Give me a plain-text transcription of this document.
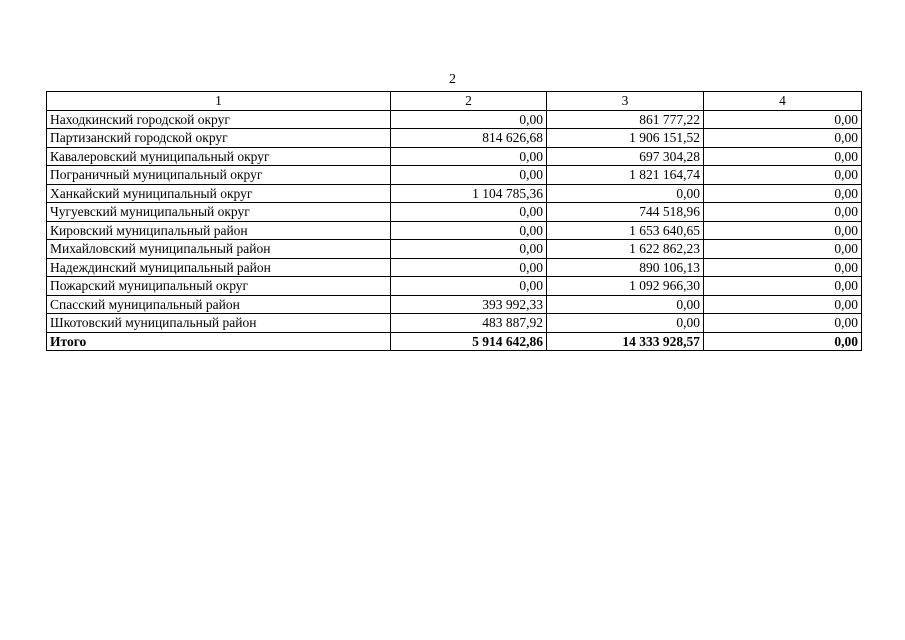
2
1	2	3	4
Находкинский городской округ	0,00	861 777,22	0,00
Партизанский городской округ	814 626,68	1 906 151,52	0,00
Кавалеровский муниципальный округ	0,00	697 304,28	0,00
Пограничный муниципальный округ	0,00	1 821 164,74	0,00
Ханкайский муниципальный округ	1 104 785,36	0,00	0,00
Чугуевский муниципальный округ	0,00	744 518,96	0,00
Кировский муниципальный район	0,00	1 653 640,65	0,00
Михайловский муниципальный район	0,00	1 622 862,23	0,00
Надеждинский муниципальный район	0,00	890 106,13	0,00
Пожарский муниципальный округ	0,00	1 092 966,30	0,00
Спасский муниципальный район	393 992,33	0,00	0,00
Шкотовский муниципальный район	483 887,92	0,00	0,00
Итого	5 914 642,86	14 333 928,57	0,00
